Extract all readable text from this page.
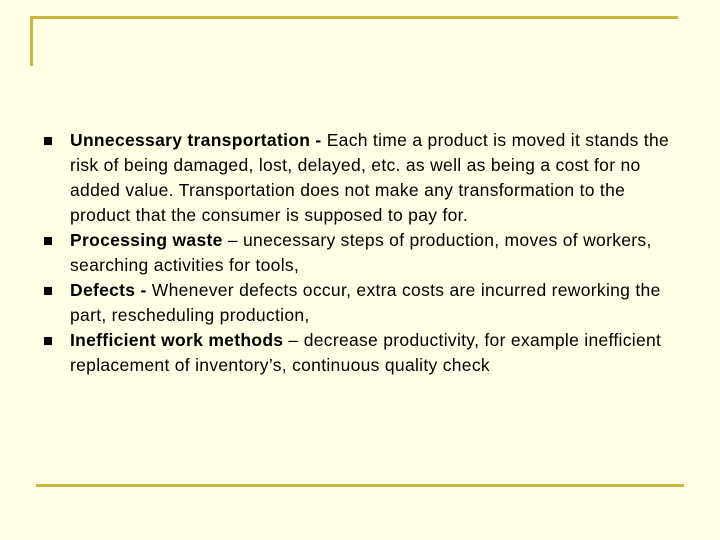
Unnecessary transportation - Each time a product is moved it stands the risk of being damaged, lost, delayed, etc. as well as being a cost for no added value. Transportation does not make any transformation to the product that the consumer is supposed to pay for.
Processing waste – unecessary steps of production, moves of workers, searching activities for tools,
Defects - Whenever defects occur, extra costs are incurred reworking the part, rescheduling production,
Inefficient work methods – decrease productivity, for example inefficient replacement of inventory’s, continuous quality check
